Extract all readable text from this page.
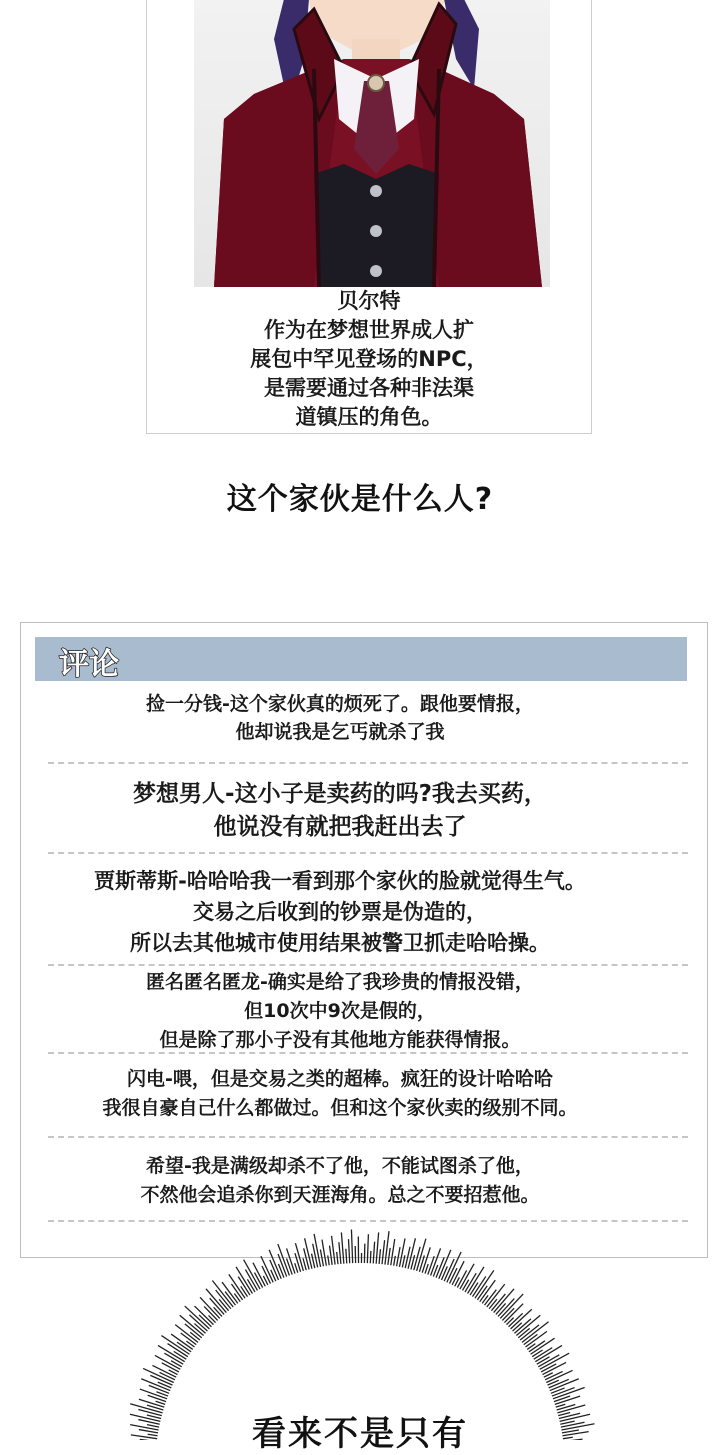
贝尔特
作为在梦想世界成人扩
展包中罕见登场的NPC，
是需要通过各种非法渠
道镇压的角色。
这个家伙是什么人?
评论
捡一分钱-这个家伙真的烦死了。跟他要情报，
他却说我是乞丐就杀了我
梦想男人-这小子是卖药的吗?我去买药，
他说没有就把我赶出去了
贾斯蒂斯-哈哈哈我一看到那个家伙的脸就觉得生气。
交易之后收到的钞票是伪造的，
所以去其他城市使用结果被警卫抓走哈哈操。
匿名匿名匿龙-确实是给了我珍贵的情报没错，
但10次中9次是假的，
但是除了那小子没有其他地方能获得情报。
闪电-喂，但是交易之类的超棒。疯狂的设计哈哈哈
我很自豪自己什么都做过。但和这个家伙卖的级别不同。
希望-我是满级却杀不了他，不能试图杀了他，
不然他会追杀你到天涯海角。总之不要招惹他。
看来不是只有
